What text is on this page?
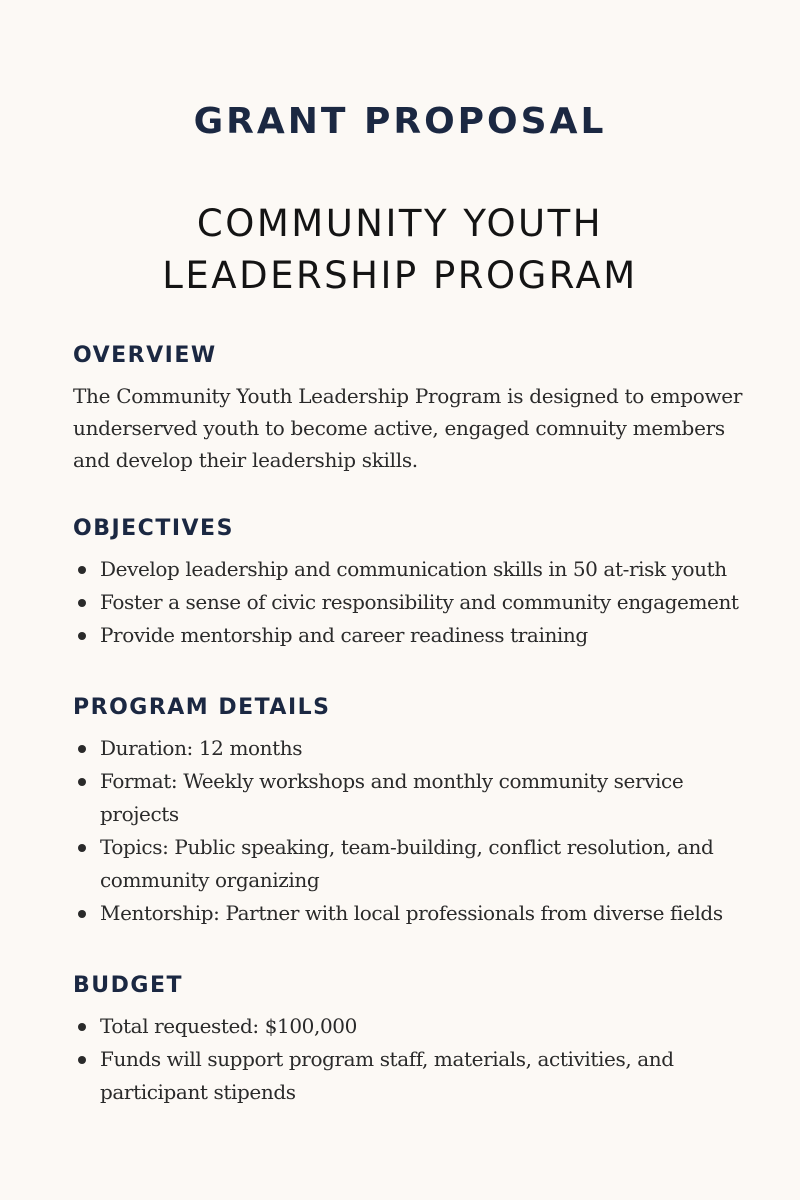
GRANT PROPOSAL
COMMUNITY YOUTH
LEADERSHIP PROGRAM
OVERVIEW

The Community Youth Leadership Program is designed to empower underserved youth to become active, engaged comnuity members and develop their leadership skills.

OBJECTIVES
Develop leadership and communication skills in 50 at-risk youth
Foster a sense of civic responsibility and community engagement
Provide mentorship and career readiness training
PROGRAM DETAILS
Duration: 12 months
Format: Weekly workshops and monthly community service projects
Topics: Public speaking, team-building, conflict resolution, and community organizing
Mentorship: Partner with local professionals from diverse fields
BUDGET
Total requested: $100,000
Funds will support program staff, materials, activities, and participant stipends
